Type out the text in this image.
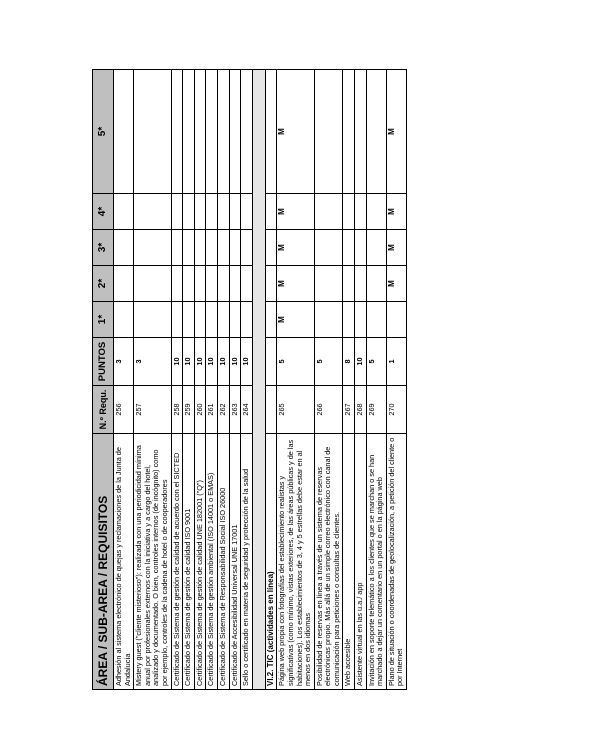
ÁREA / SUB-AREA / REQUISITOS	N.º Requ.	PUNTOS	1*	2*	3*	4*	5*
Adhesión al sistema electrónico de quejas y reclamaciones de la Junta de Andalucía	256	3					
Mistery guest ("cliente misterioso"): realizada con una periodicidad mínima anual por profesionales externos con la iniciativa y a cargo del hotel, analizado y documentado. O bien, controles internos (de incógnito) como por ejemplo, controles de la cadena de hotel o de cooperadores	257	3					
Certificado de Sistema de gestión de calidad de acuerdo con el SICTED	258	10					
Certificado de Sistema de gestión de calidad ISO 9001	259	10					
Certificado de Sistema de gestión de calidad UNE 182001 ("Q")	260	10					
Certificado de Sistema de gestión ambiental (ISO 14001 o EMAS)	261	10					
Certificado de Sistema de Responsabilidad Social ISO 26000	262	10					
Certificado de Accesibilidad Universal UNE 17001	263	10					
Sello o certificado en materia de seguridad y protección de la salud	264	10					

VI.2. TIC (actividades en línea)							
Página web propia con fotografías del establecimiento realistas y significativas (como mínimo, vistas exteriores, de las áreas públicas y de las habitaciones). Los establecimientos de 3, 4 y 5 estrellas debe estar en al menos en dos idiomas	265	5	M	M	M	M	M
Posibilidad de reservas en línea a través de un sistema de reservas electrónicas propio. Más allá de un simple correo electrónico con canal de comunicación para peticiones o consultas de clientes.	266	5					
Web accesible	267	8					
Asistente virtual en las u.a./ app	268	10					
Invitación en soporte telemático a los clientes que se marchan o se han marchado a dejar un comentario en un portal o en la página web	269	5					
Plano de situación o coordenadas de geolocalización, a petición del cliente o por Internet	270	1		M	M	M	M
